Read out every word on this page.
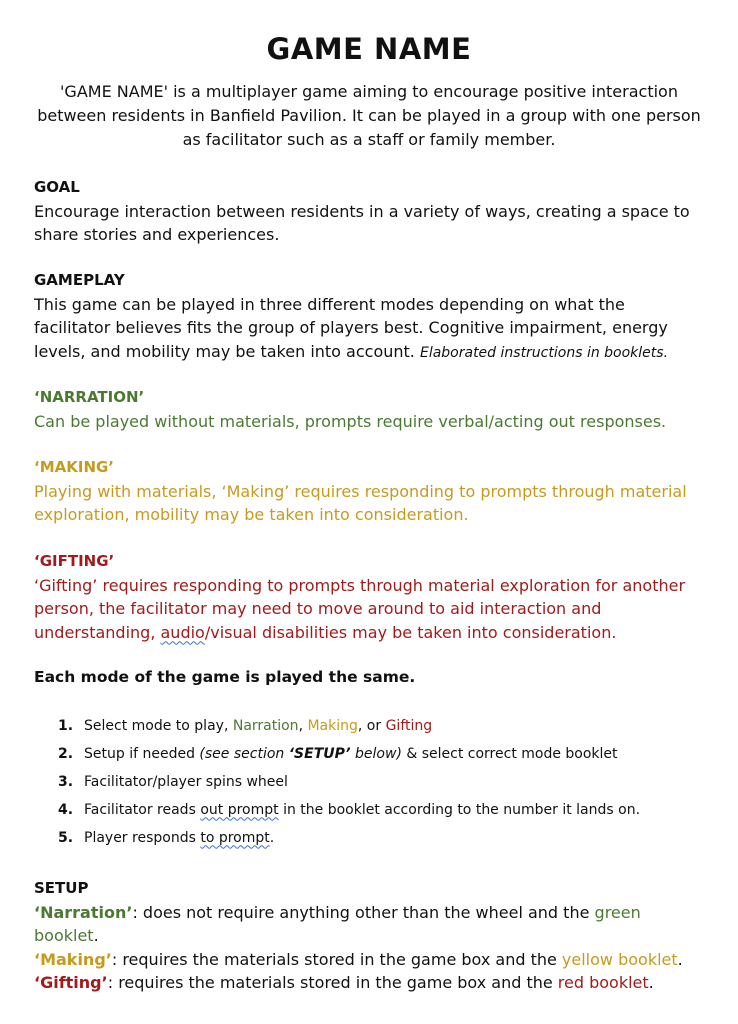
GAME NAME

'GAME NAME' is a multiplayer game aiming to encourage positive interaction between residents in Banfield Pavilion. It can be played in a group with one person as facilitator such as a staff or family member.

GOAL
Encourage interaction between residents in a variety of ways, creating a space to share stories and experiences.
GAMEPLAY
This game can be played in three different modes depending on what the facilitator believes fits the group of players best. Cognitive impairment, energy levels, and mobility may be taken into account. Elaborated instructions in booklets.
‘NARRATION’
Can be played without materials, prompts require verbal/acting out responses.
‘MAKING’
Playing with materials, ‘Making’ requires responding to prompts through material exploration, mobility may be taken into consideration.
‘GIFTING’
‘Gifting’ requires responding to prompts through material exploration for another person, the facilitator may need to move around to aid interaction and understanding, audio/visual disabilities may be taken into consideration.
Each mode of the game is played the same.
1. Select mode to play, Narration, Making, or Gifting
2. Setup if needed (see section ‘SETUP’ below) & select correct mode booklet
3. Facilitator/player spins wheel
4. Facilitator reads out prompt in the booklet according to the number it lands on.
5. Player responds to prompt.
SETUP
‘Narration’: does not require anything other than the wheel and the green booklet.
‘Making’: requires the materials stored in the game box and the yellow booklet.
‘Gifting’: requires the materials stored in the game box and the red booklet.
